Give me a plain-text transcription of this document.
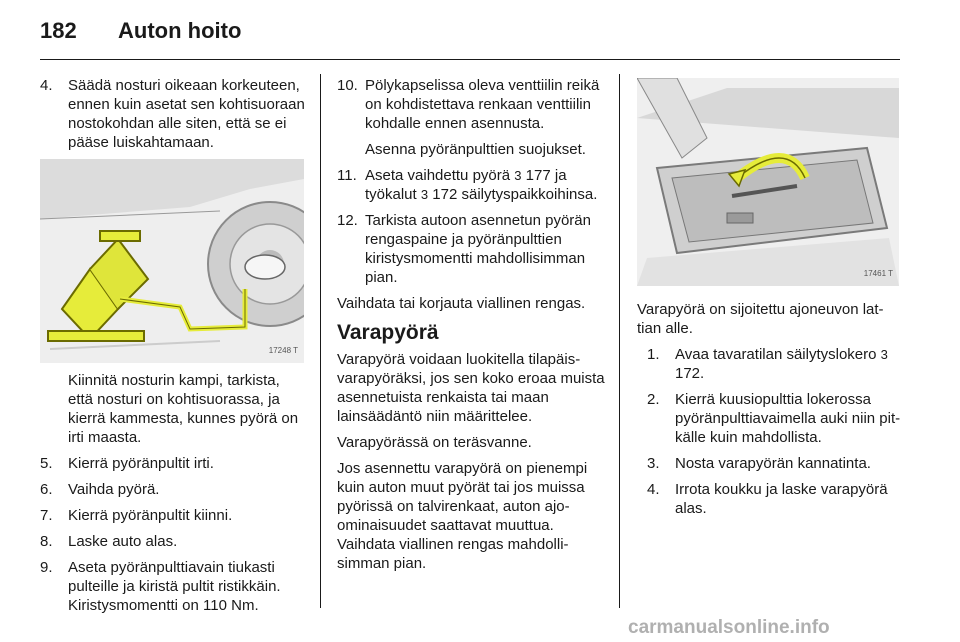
182 Auton hoito
4. Säädä nosturi oikeaan korkeuteen, ennen kuin asetat sen kohtisuoraan nostokohdan alle siten, että se ei pääse luiskahtamaan.
17248 T

Kiinnitä nosturin kampi, tarkista, että nosturi on kohtisuorassa, ja kierrä kammesta, kunnes pyörä on irti maasta.

5. Kierrä pyöränpultit irti.
6. Vaihda pyörä.
7. Kierrä pyöränpultit kiinni.
8. Laske auto alas.
9. Aseta pyöränpulttiavain tiukasti pulteille ja kiristä pultit ristikkäin. Kiristysmomentti on 110 Nm.
10. Pölykapselissa oleva venttiilin reikä on kohdistettava renkaan venttiilin kohdalle ennen asennusta.

Asenna pyöränpulttien suojukset.

11. Aseta vaihdettu pyörä 3 177 ja työkalut 3 172 säilytyspaikkoihinsa.
12. Tarkista autoon asennetun pyörän rengaspaine ja pyöränpulttien kiristysmomentti mahdollisimman pian.

Vaihdata tai korjauta viallinen rengas.

Varapyörä

Varapyörä voidaan luokitella tilapäisvarapyöräksi, jos sen koko eroaa muista asennetuista renkaista tai maan lainsäädäntö niin määrittelee.

Varapyörässä on teräsvanne.

Jos asennettu varapyörä on pienempi kuin auton muut pyörät tai jos muissa pyörissä on talvirenkaat, auton ajoominaisuudet saattavat muuttua. Vaihdata viallinen rengas mahdollisimman pian.

17461 T

Varapyörä on sijoitettu ajoneuvon lattian alle.

1. Avaa tavaratilan säilytyslokero 3 172.
2. Kierrä kuusiopulttia lokerossa pyöränpulttiavaimella auki niin pitkälle kuin mahdollista.
3. Nosta varapyörän kannatinta.
4. Irrota koukku ja laske varapyörä alas.
carmanualsonline.info
